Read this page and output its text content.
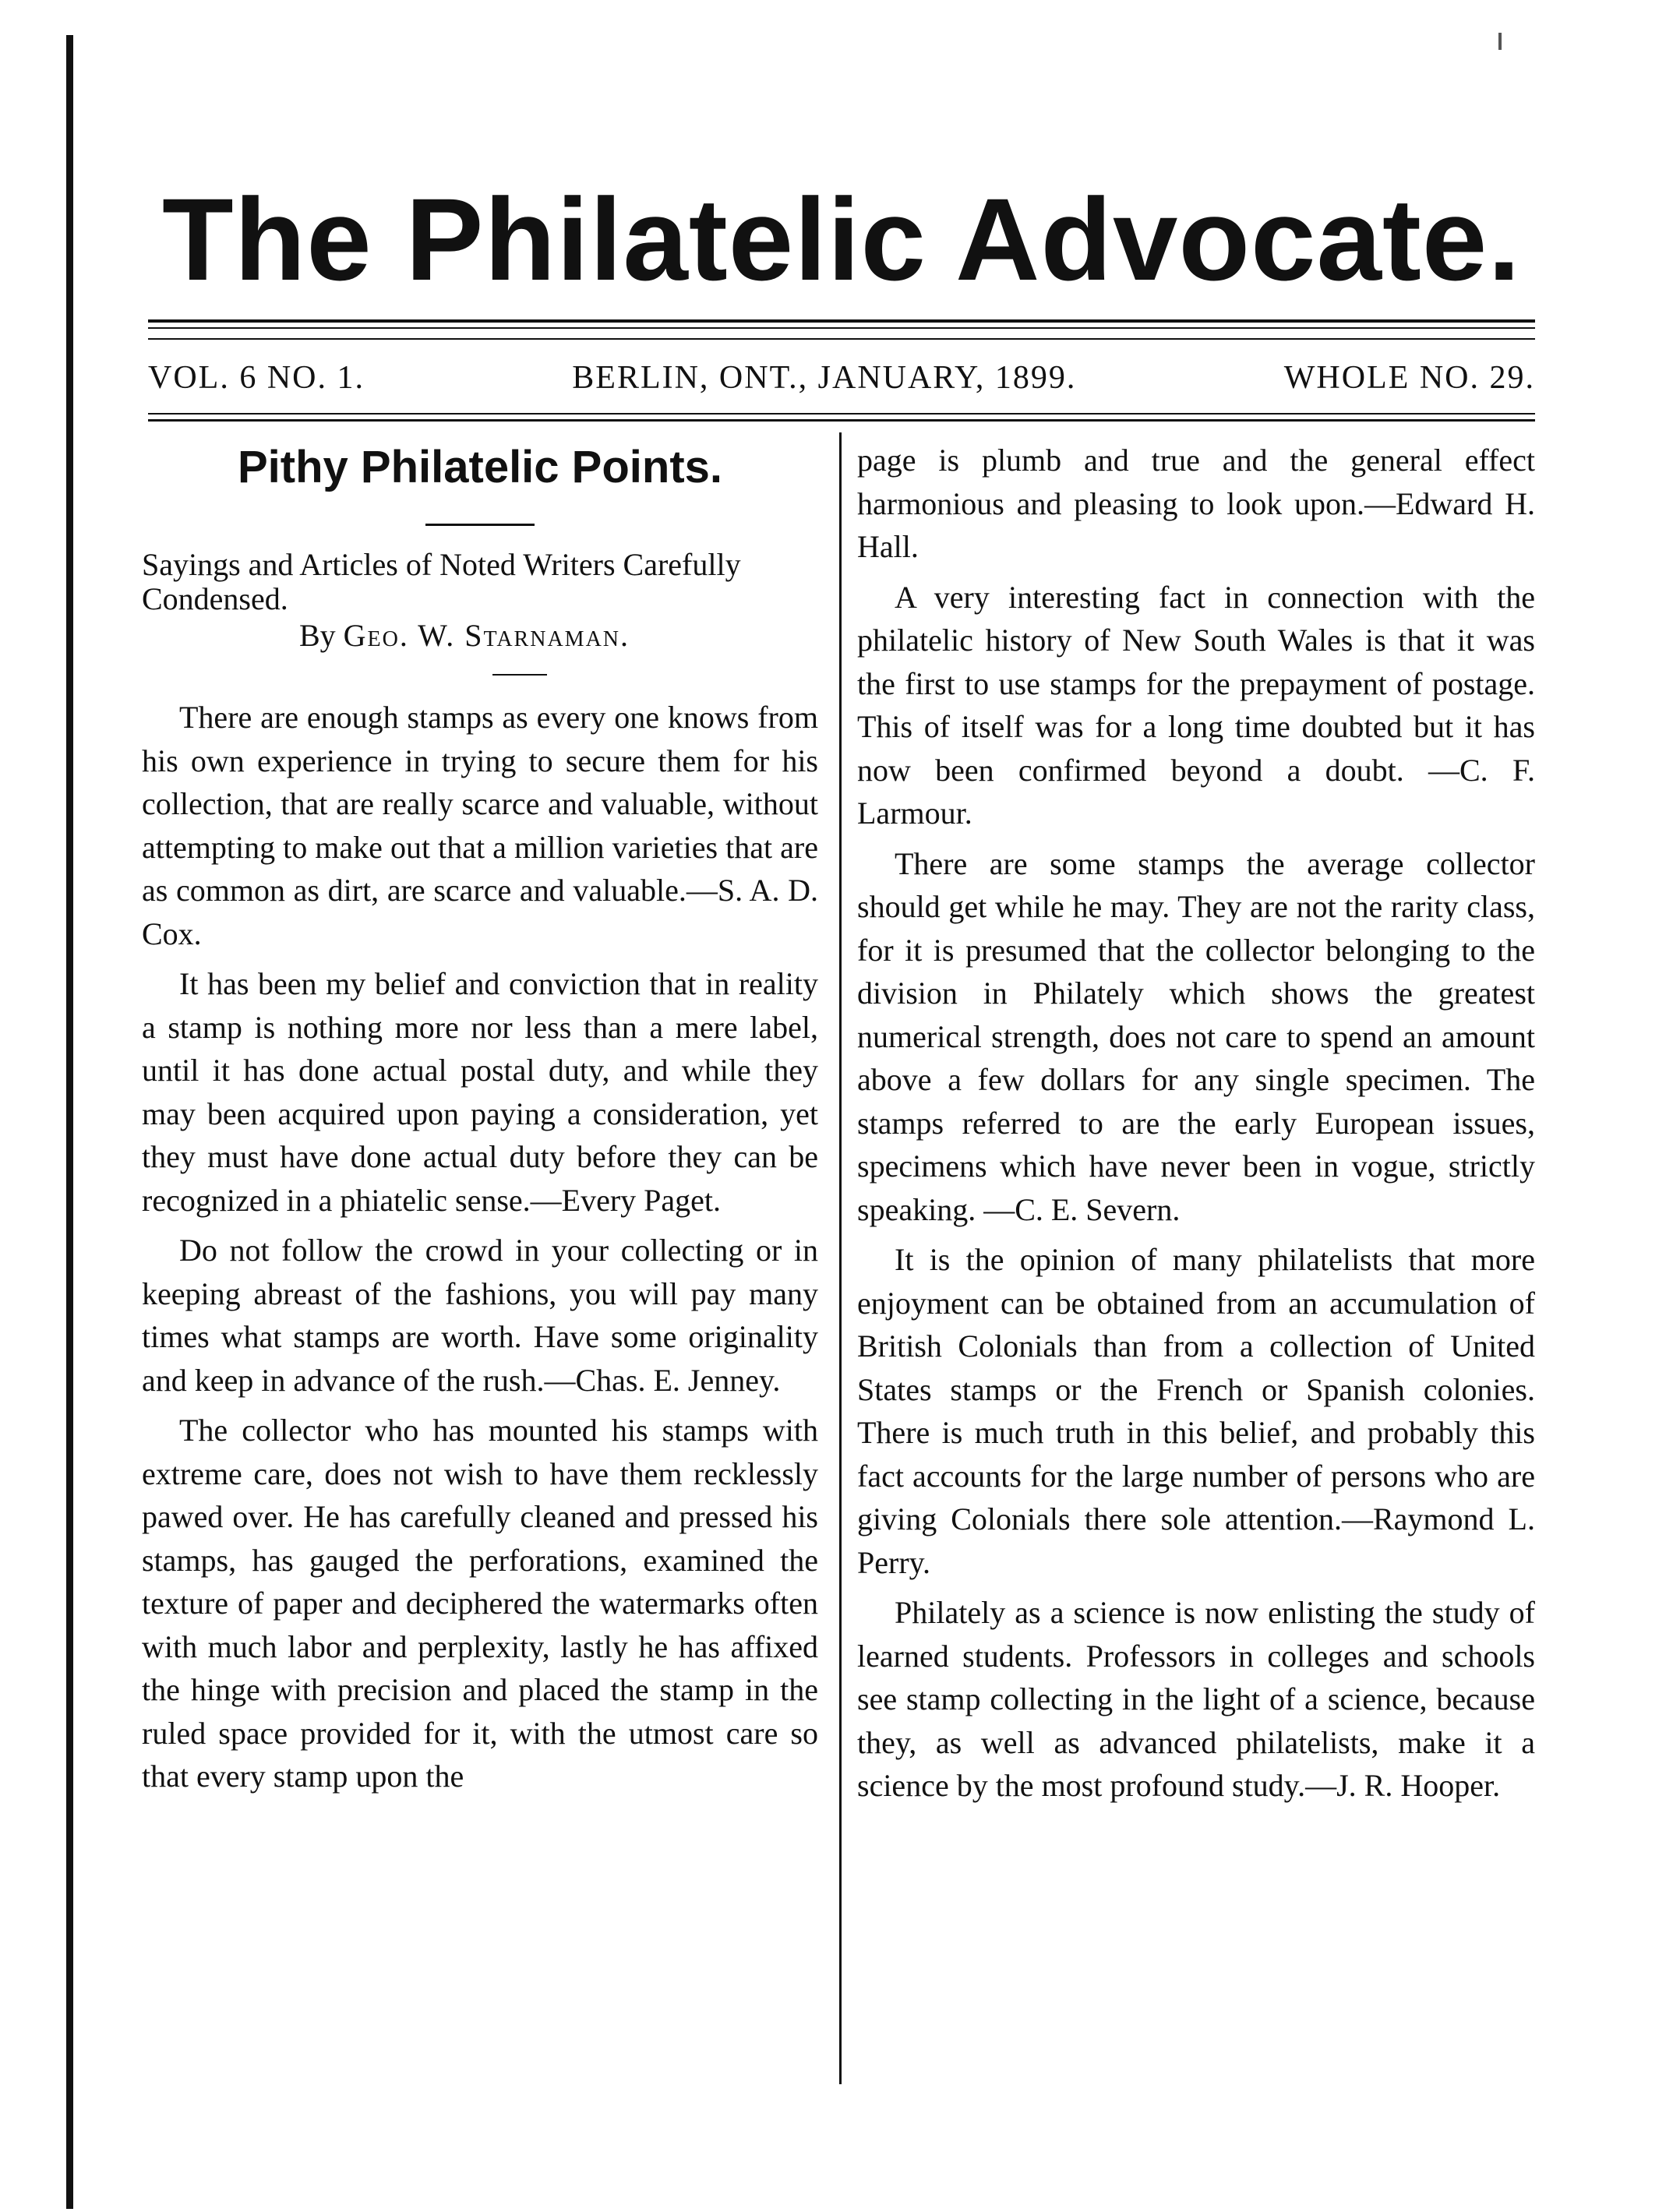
The Philatelic Advocate.
VOL. 6 NO. 1.	BERLIN, ONT., JANUARY, 1899.	WHOLE NO. 29.
Pithy Philatelic Points.

Sayings and Articles of Noted Writers Carefully Condensed.

By Geo. W. Starnaman.

There are enough stamps as every one knows from his own experience in trying to secure them for his collection, that are really scarce and valuable, without attempting to make out that a million varieties that are as common as dirt, are scarce and valuable.—S. A. D. Cox.

It has been my belief and conviction that in reality a stamp is nothing more nor less than a mere label, until it has done actual postal duty, and while they may been acquired upon paying a consideration, yet they must have done actual duty before they can be recognized in a phiatelic sense.—Every Paget.

Do not follow the crowd in your collecting or in keeping abreast of the fashions, you will pay many times what stamps are worth. Have some originality and keep in advance of the rush.—Chas. E. Jenney.

The collector who has mounted his stamps with extreme care, does not wish to have them recklessly pawed over. He has carefully cleaned and pressed his stamps, has gauged the perforations, examined the texture of paper and deciphered the watermarks often with much labor and perplexity, lastly he has affixed the hinge with precision and placed the stamp in the ruled space provided for it, with the utmost care so that every stamp upon the

page is plumb and true and the general effect harmonious and pleasing to look upon.—Edward H. Hall.

A very interesting fact in connection with the philatelic history of New South Wales is that it was the first to use stamps for the prepayment of postage. This of itself was for a long time doubted but it has now been confirmed beyond a doubt. —C. F. Larmour.

There are some stamps the average collector should get while he may. They are not the rarity class, for it is presumed that the collector belonging to the division in Philately which shows the greatest numerical strength, does not care to spend an amount above a few dollars for any single specimen. The stamps referred to are the early European issues, specimens which have never been in vogue, strictly speaking. —C. E. Severn.

It is the opinion of many philatelists that more enjoyment can be obtained from an accumulation of British Colonials than from a collection of United States stamps or the French or Spanish colonies. There is much truth in this belief, and probably this fact accounts for the large number of persons who are giving Colonials there sole attention.—Raymond L. Perry.

Philately as a science is now enlisting the study of learned students. Professors in colleges and schools see stamp collecting in the light of a science, because they, as well as advanced philatelists, make it a science by the most profound study.—J. R. Hooper.
